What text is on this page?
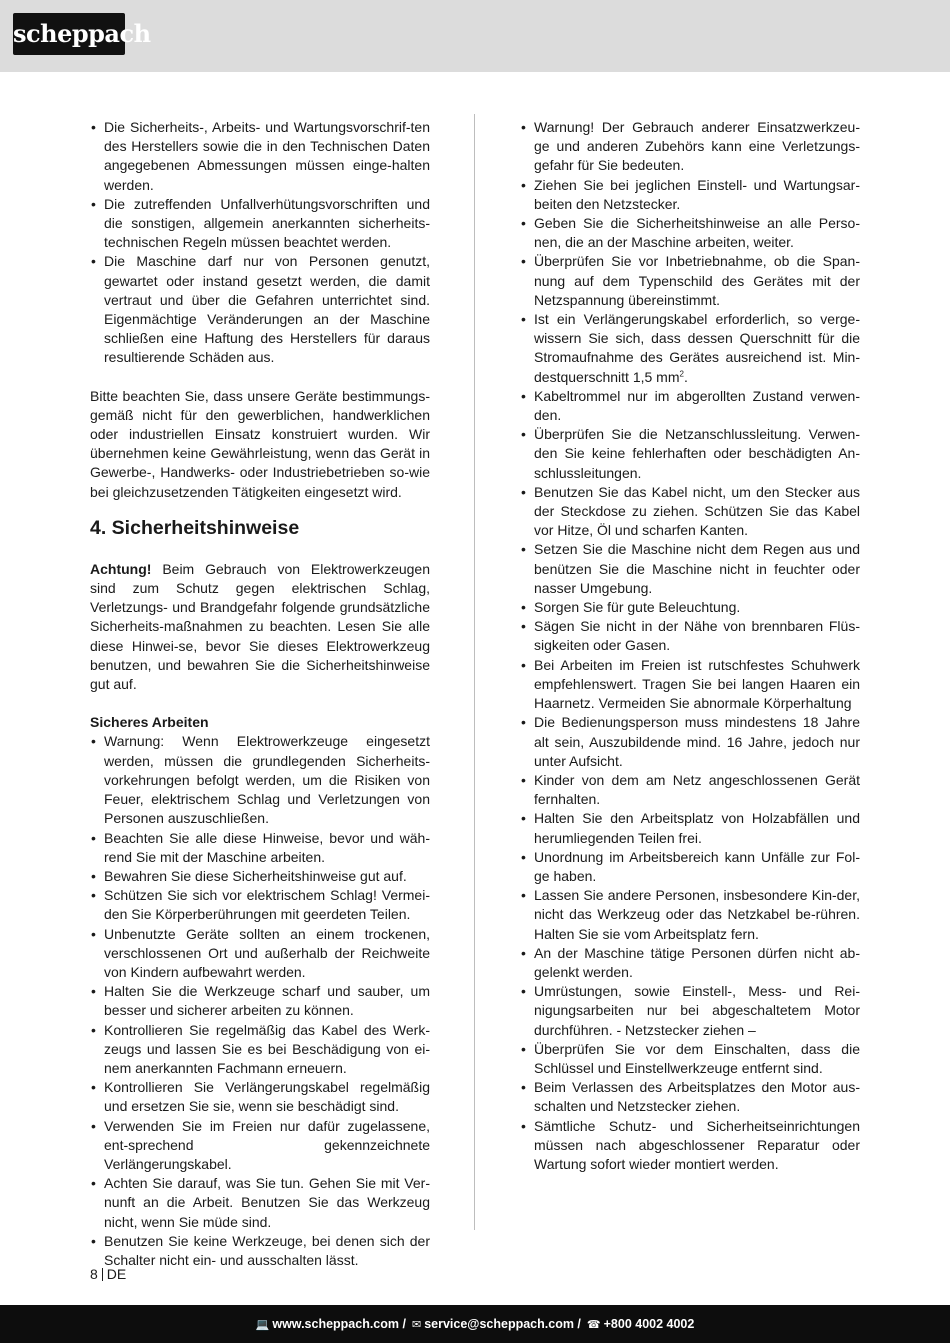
scheppach
• Die Sicherheits-, Arbeits- und Wartungsvorschrif-ten des Herstellers sowie die in den Technischen Daten angegebenen Abmessungen müssen einge-halten werden.
• Die zutreffenden Unfallverhütungsvorschriften und die sonstigen, allgemein anerkannten sicherheits-technischen Regeln müssen beachtet werden.
• Die Maschine darf nur von Personen genutzt, gewartet oder instand gesetzt werden, die damit vertraut und über die Gefahren unterrichtet sind. Eigenmächtige Veränderungen an der Maschine schließen eine Haftung des Herstellers für daraus resultierende Schäden aus.

Bitte beachten Sie, dass unsere Geräte bestimmungs-gemäß nicht für den gewerblichen, handwerklichen oder industriellen Einsatz konstruiert wurden. Wir übernehmen keine Gewährleistung, wenn das Gerät in Gewerbe-, Handwerks- oder Industriebetrieben so-wie bei gleichzusetzenden Tätigkeiten eingesetzt wird.

4. Sicherheitshinweise

Achtung! Beim Gebrauch von Elektrowerkzeugen sind zum Schutz gegen elektrischen Schlag, Verletzungs- und Brandgefahr folgende grundsätzliche Sicherheits-maßnahmen zu beachten. Lesen Sie alle diese Hinwei-se, bevor Sie dieses Elektrowerkzeug benutzen, und bewahren Sie die Sicherheitshinweise gut auf.

Sicheres Arbeiten

• Warnung: Wenn Elektrowerkzeuge eingesetzt werden, müssen die grundlegenden Sicherheits-vorkehrungen befolgt werden, um die Risiken von Feuer, elektrischem Schlag und Verletzungen von Personen auszuschließen.
• Beachten Sie alle diese Hinweise, bevor und wäh-rend Sie mit der Maschine arbeiten.
• Bewahren Sie diese Sicherheitshinweise gut auf.
• Schützen Sie sich vor elektrischem Schlag! Vermei-den Sie Körperberührungen mit geerdeten Teilen.
• Unbenutzte Geräte sollten an einem trockenen, verschlossenen Ort und außerhalb der Reichweite von Kindern aufbewahrt werden.
• Halten Sie die Werkzeuge scharf und sauber, um besser und sicherer arbeiten zu können.
• Kontrollieren Sie regelmäßig das Kabel des Werk-zeugs und lassen Sie es bei Beschädigung von ei-nem anerkannten Fachmann erneuern.
• Kontrollieren Sie Verlängerungskabel regelmäßig und ersetzen Sie sie, wenn sie beschädigt sind.
• Verwenden Sie im Freien nur dafür zugelassene, ent-sprechend gekennzeichnete Verlängerungskabel.
• Achten Sie darauf, was Sie tun. Gehen Sie mit Ver-nunft an die Arbeit. Benutzen Sie das Werkzeug nicht, wenn Sie müde sind.
• Benutzen Sie keine Werkzeuge, bei denen sich der Schalter nicht ein- und ausschalten lässt.
• Warnung! Der Gebrauch anderer Einsatzwerkzeu-ge und anderen Zubehörs kann eine Verletzungs-gefahr für Sie bedeuten.
• Ziehen Sie bei jeglichen Einstell- und Wartungsar-beiten den Netzstecker.
• Geben Sie die Sicherheitshinweise an alle Perso-nen, die an der Maschine arbeiten, weiter.
• Überprüfen Sie vor Inbetriebnahme, ob die Span-nung auf dem Typenschild des Gerätes mit der Netzspannung übereinstimmt.
• Ist ein Verlängerungskabel erforderlich, so verge-wissern Sie sich, dass dessen Querschnitt für die Stromaufnahme des Gerätes ausreichend ist. Min-destquerschnitt 1,5 $mm^2$.
• Kabeltrommel nur im abgerollten Zustand verwen-den.
• Überprüfen Sie die Netzanschlussleitung. Verwen-den Sie keine fehlerhaften oder beschädigten An-schlussleitungen.
• Benutzen Sie das Kabel nicht, um den Stecker aus der Steckdose zu ziehen. Schützen Sie das Kabel vor Hitze, Öl und scharfen Kanten.
• Setzen Sie die Maschine nicht dem Regen aus und benützen Sie die Maschine nicht in feuchter oder nasser Umgebung.
• Sorgen Sie für gute Beleuchtung.
• Sägen Sie nicht in der Nähe von brennbaren Flüs-sigkeiten oder Gasen.
• Bei Arbeiten im Freien ist rutschfestes Schuhwerk empfehlenswert. Tragen Sie bei langen Haaren ein Haarnetz. Vermeiden Sie abnormale Körperhaltung
• Die Bedienungsperson muss mindestens 18 Jahre alt sein, Auszubildende mind. 16 Jahre, jedoch nur unter Aufsicht.
• Kinder von dem am Netz angeschlossenen Gerät fernhalten.
• Halten Sie den Arbeitsplatz von Holzabfällen und herumliegenden Teilen frei.
• Unordnung im Arbeitsbereich kann Unfälle zur Fol-ge haben.
• Lassen Sie andere Personen, insbesondere Kin-der, nicht das Werkzeug oder das Netzkabel be-rühren. Halten Sie sie vom Arbeitsplatz fern.
• An der Maschine tätige Personen dürfen nicht ab-gelenkt werden.
• Umrüstungen, sowie Einstell-, Mess- und Rei-nigungsarbeiten nur bei abgeschaltetem Motor durchführen. - Netzstecker ziehen –
• Überprüfen Sie vor dem Einschalten, dass die Schlüssel und Einstellwerkzeuge entfernt sind.
• Beim Verlassen des Arbeitsplatzes den Motor aus-schalten und Netzstecker ziehen.
• Sämtliche Schutz- und Sicherheitseinrichtungen müssen nach abgeschlossener Reparatur oder Wartung sofort wieder montiert werden.
8 DE
💻 www.scheppach.com / ✉ service@scheppach.com / ☎ +800 4002 4002
